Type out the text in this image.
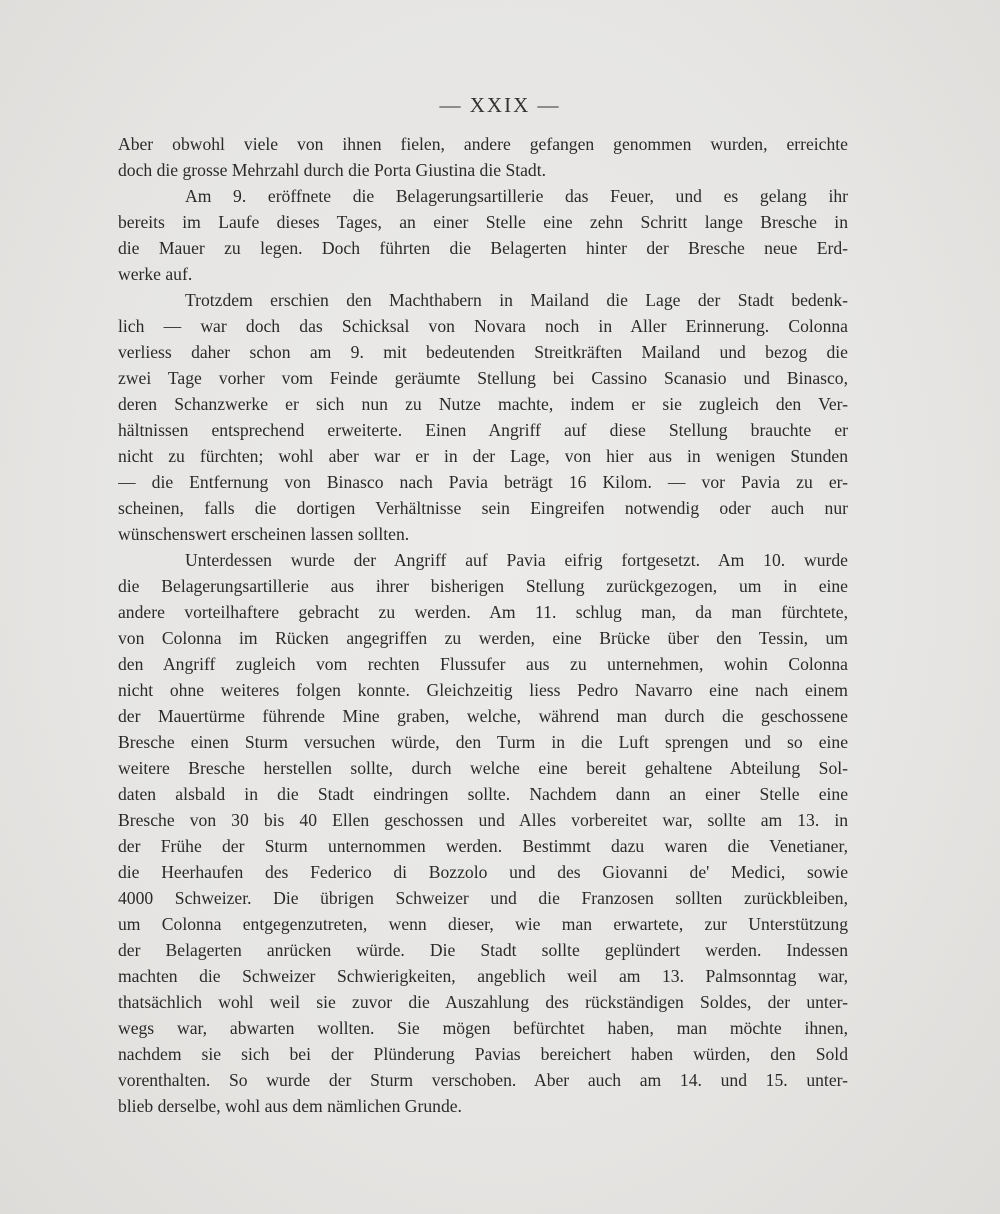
— XXIX —
Aber obwohl viele von ihnen fielen, andere gefangen genommen wurden, erreichte
doch die grosse Mehrzahl durch die Porta Giustina die Stadt.
Am 9. eröffnete die Belagerungsartillerie das Feuer, und es gelang ihr
bereits im Laufe dieses Tages, an einer Stelle eine zehn Schritt lange Bresche in
die Mauer zu legen. Doch führten die Belagerten hinter der Bresche neue Erd-
werke auf.
Trotzdem erschien den Machthabern in Mailand die Lage der Stadt bedenk-
lich — war doch das Schicksal von Novara noch in Aller Erinnerung. Colonna
verliess daher schon am 9. mit bedeutenden Streitkräften Mailand und bezog die
zwei Tage vorher vom Feinde geräumte Stellung bei Cassino Scanasio und Binasco,
deren Schanzwerke er sich nun zu Nutze machte, indem er sie zugleich den Ver-
hältnissen entsprechend erweiterte. Einen Angriff auf diese Stellung brauchte er
nicht zu fürchten; wohl aber war er in der Lage, von hier aus in wenigen Stunden
— die Entfernung von Binasco nach Pavia beträgt 16 Kilom. — vor Pavia zu er-
scheinen, falls die dortigen Verhältnisse sein Eingreifen notwendig oder auch nur
wünschenswert erscheinen lassen sollten.
Unterdessen wurde der Angriff auf Pavia eifrig fortgesetzt. Am 10. wurde
die Belagerungsartillerie aus ihrer bisherigen Stellung zurückgezogen, um in eine
andere vorteilhaftere gebracht zu werden. Am 11. schlug man, da man fürchtete,
von Colonna im Rücken angegriffen zu werden, eine Brücke über den Tessin, um
den Angriff zugleich vom rechten Flussufer aus zu unternehmen, wohin Colonna
nicht ohne weiteres folgen konnte. Gleichzeitig liess Pedro Navarro eine nach einem
der Mauertürme führende Mine graben, welche, während man durch die geschossene
Bresche einen Sturm versuchen würde, den Turm in die Luft sprengen und so eine
weitere Bresche herstellen sollte, durch welche eine bereit gehaltene Abteilung Sol-
daten alsbald in die Stadt eindringen sollte. Nachdem dann an einer Stelle eine
Bresche von 30 bis 40 Ellen geschossen und Alles vorbereitet war, sollte am 13. in
der Frühe der Sturm unternommen werden. Bestimmt dazu waren die Venetianer,
die Heerhaufen des Federico di Bozzolo und des Giovanni de' Medici, sowie
4000 Schweizer. Die übrigen Schweizer und die Franzosen sollten zurückbleiben,
um Colonna entgegenzutreten, wenn dieser, wie man erwartete, zur Unterstützung
der Belagerten anrücken würde. Die Stadt sollte geplündert werden. Indessen
machten die Schweizer Schwierigkeiten, angeblich weil am 13. Palmsonntag war,
thatsächlich wohl weil sie zuvor die Auszahlung des rückständigen Soldes, der unter-
wegs war, abwarten wollten. Sie mögen befürchtet haben, man möchte ihnen,
nachdem sie sich bei der Plünderung Pavias bereichert haben würden, den Sold
vorenthalten. So wurde der Sturm verschoben. Aber auch am 14. und 15. unter-
blieb derselbe, wohl aus dem nämlichen Grunde.
